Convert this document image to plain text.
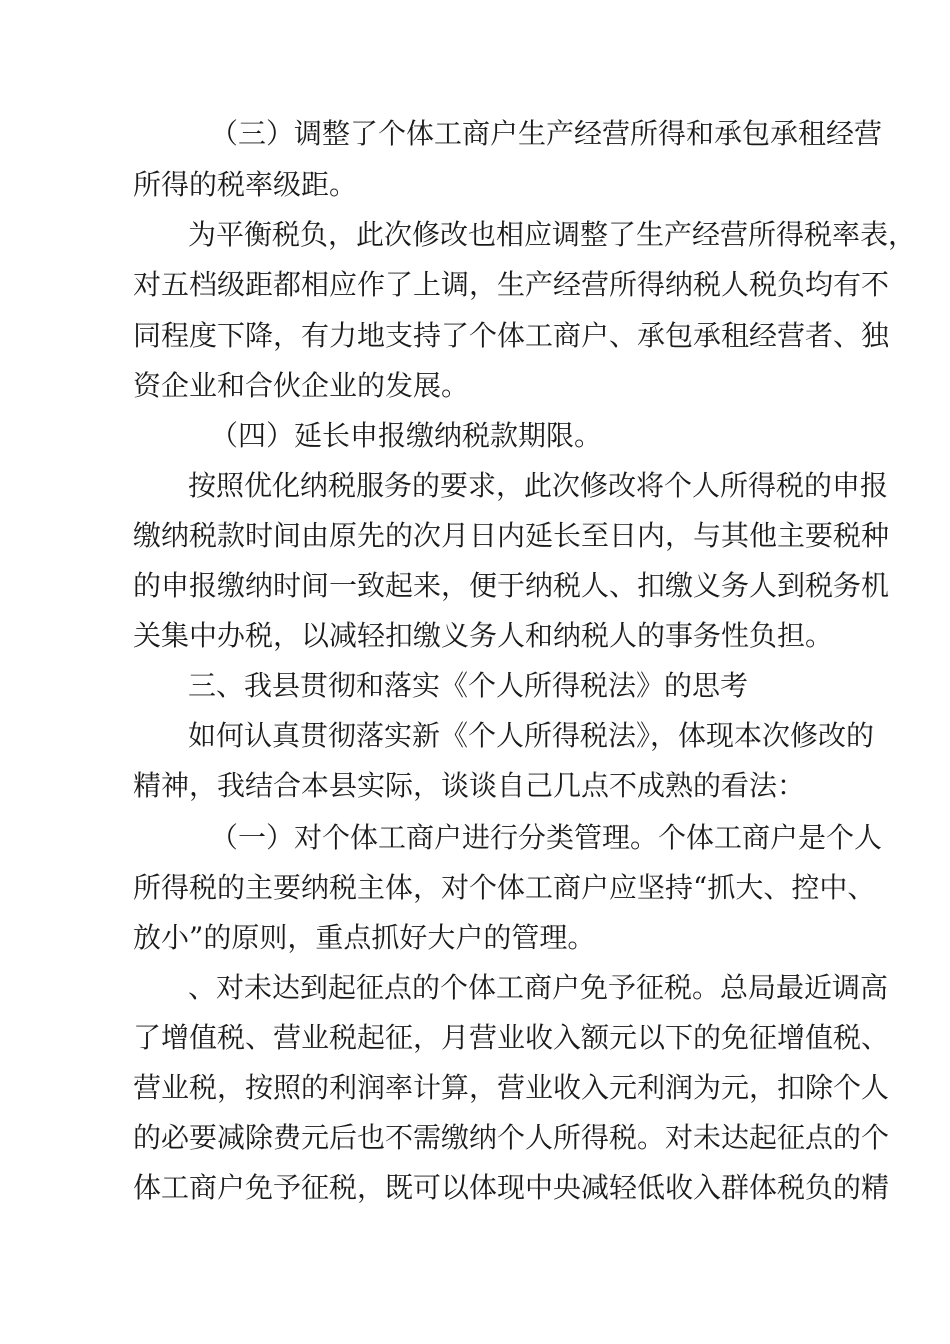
（三）调整了个体工商户生产经营所得和承包承租经营
所得的税率级距。
为平衡税负，此次修改也相应调整了生产经营所得税率表，
对五档级距都相应作了上调，生产经营所得纳税人税负均有不
同程度下降，有力地支持了个体工商户、承包承租经营者、独
资企业和合伙企业的发展。
（四）延长申报缴纳税款期限。
按照优化纳税服务的要求，此次修改将个人所得税的申报
缴纳税款时间由原先的次月日内延长至日内，与其他主要税种
的申报缴纳时间一致起来，便于纳税人、扣缴义务人到税务机
关集中办税，以减轻扣缴义务人和纳税人的事务性负担。
三、我县贯彻和落实《个人所得税法》的思考
如何认真贯彻落实新《个人所得税法》，体现本次修改的
精神，我结合本县实际，谈谈自己几点不成熟的看法：
（一）对个体工商户进行分类管理。个体工商户是个人
所得税的主要纳税主体，对个体工商户应坚持“抓大、控中、
放小”的原则，重点抓好大户的管理。
、对未达到起征点的个体工商户免予征税。总局最近调高
了增值税、营业税起征，月营业收入额元以下的免征增值税、
营业税，按照的利润率计算，营业收入元利润为元，扣除个人
的必要减除费元后也不需缴纳个人所得税。对未达起征点的个
体工商户免予征税，既可以体现中央减轻低收入群体税负的精
